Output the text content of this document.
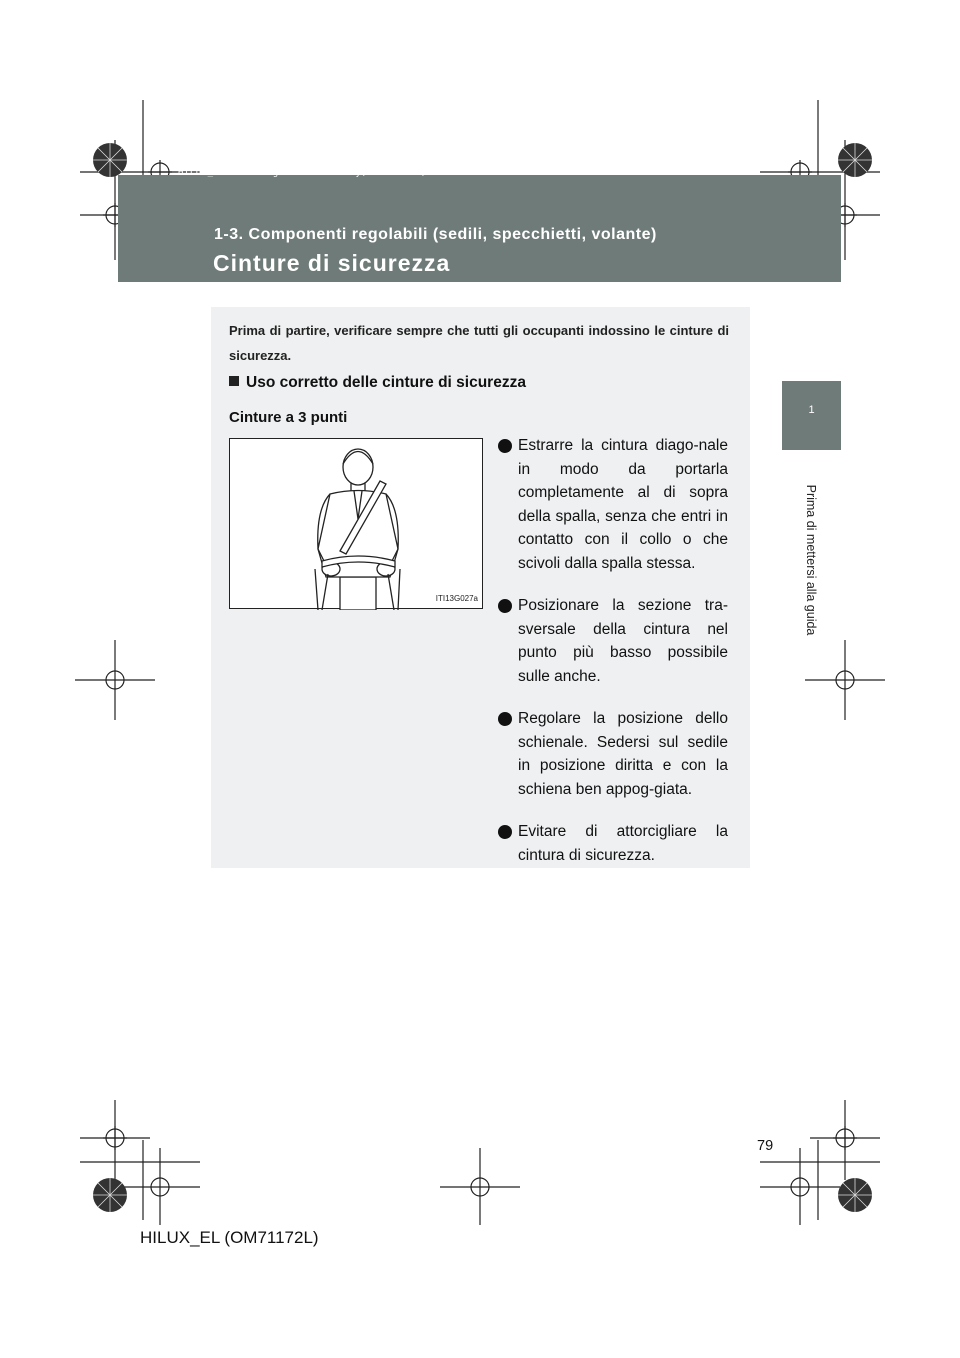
HILUX_EL.book Page 79 Wednesday, March 23, 2011 3:30 PM
1-3. Componenti regolabili (sedili, specchietti, volante)
Cinture di sicurezza
1
Prima di mettersi alla guida
Prima di partire, verificare sempre che tutti gli occupanti indossino le cinture di sicurezza.
Uso corretto delle cinture di sicurezza
Cinture a 3 punti
ITI13G027a
Estrarre la cintura diago-nale in modo da portarla completamente al di sopra della spalla, senza che entri in contatto con il collo o che scivoli dalla spalla stessa.
Posizionare la sezione tra-sversale della cintura nel punto più basso possibile sulle anche.
Regolare la posizione dello schienale. Sedersi sul sedile in posizione diritta e con la schiena ben appog-giata.
Evitare di attorcigliare la cintura di sicurezza.
79
HILUX_EL (OM71172L)
